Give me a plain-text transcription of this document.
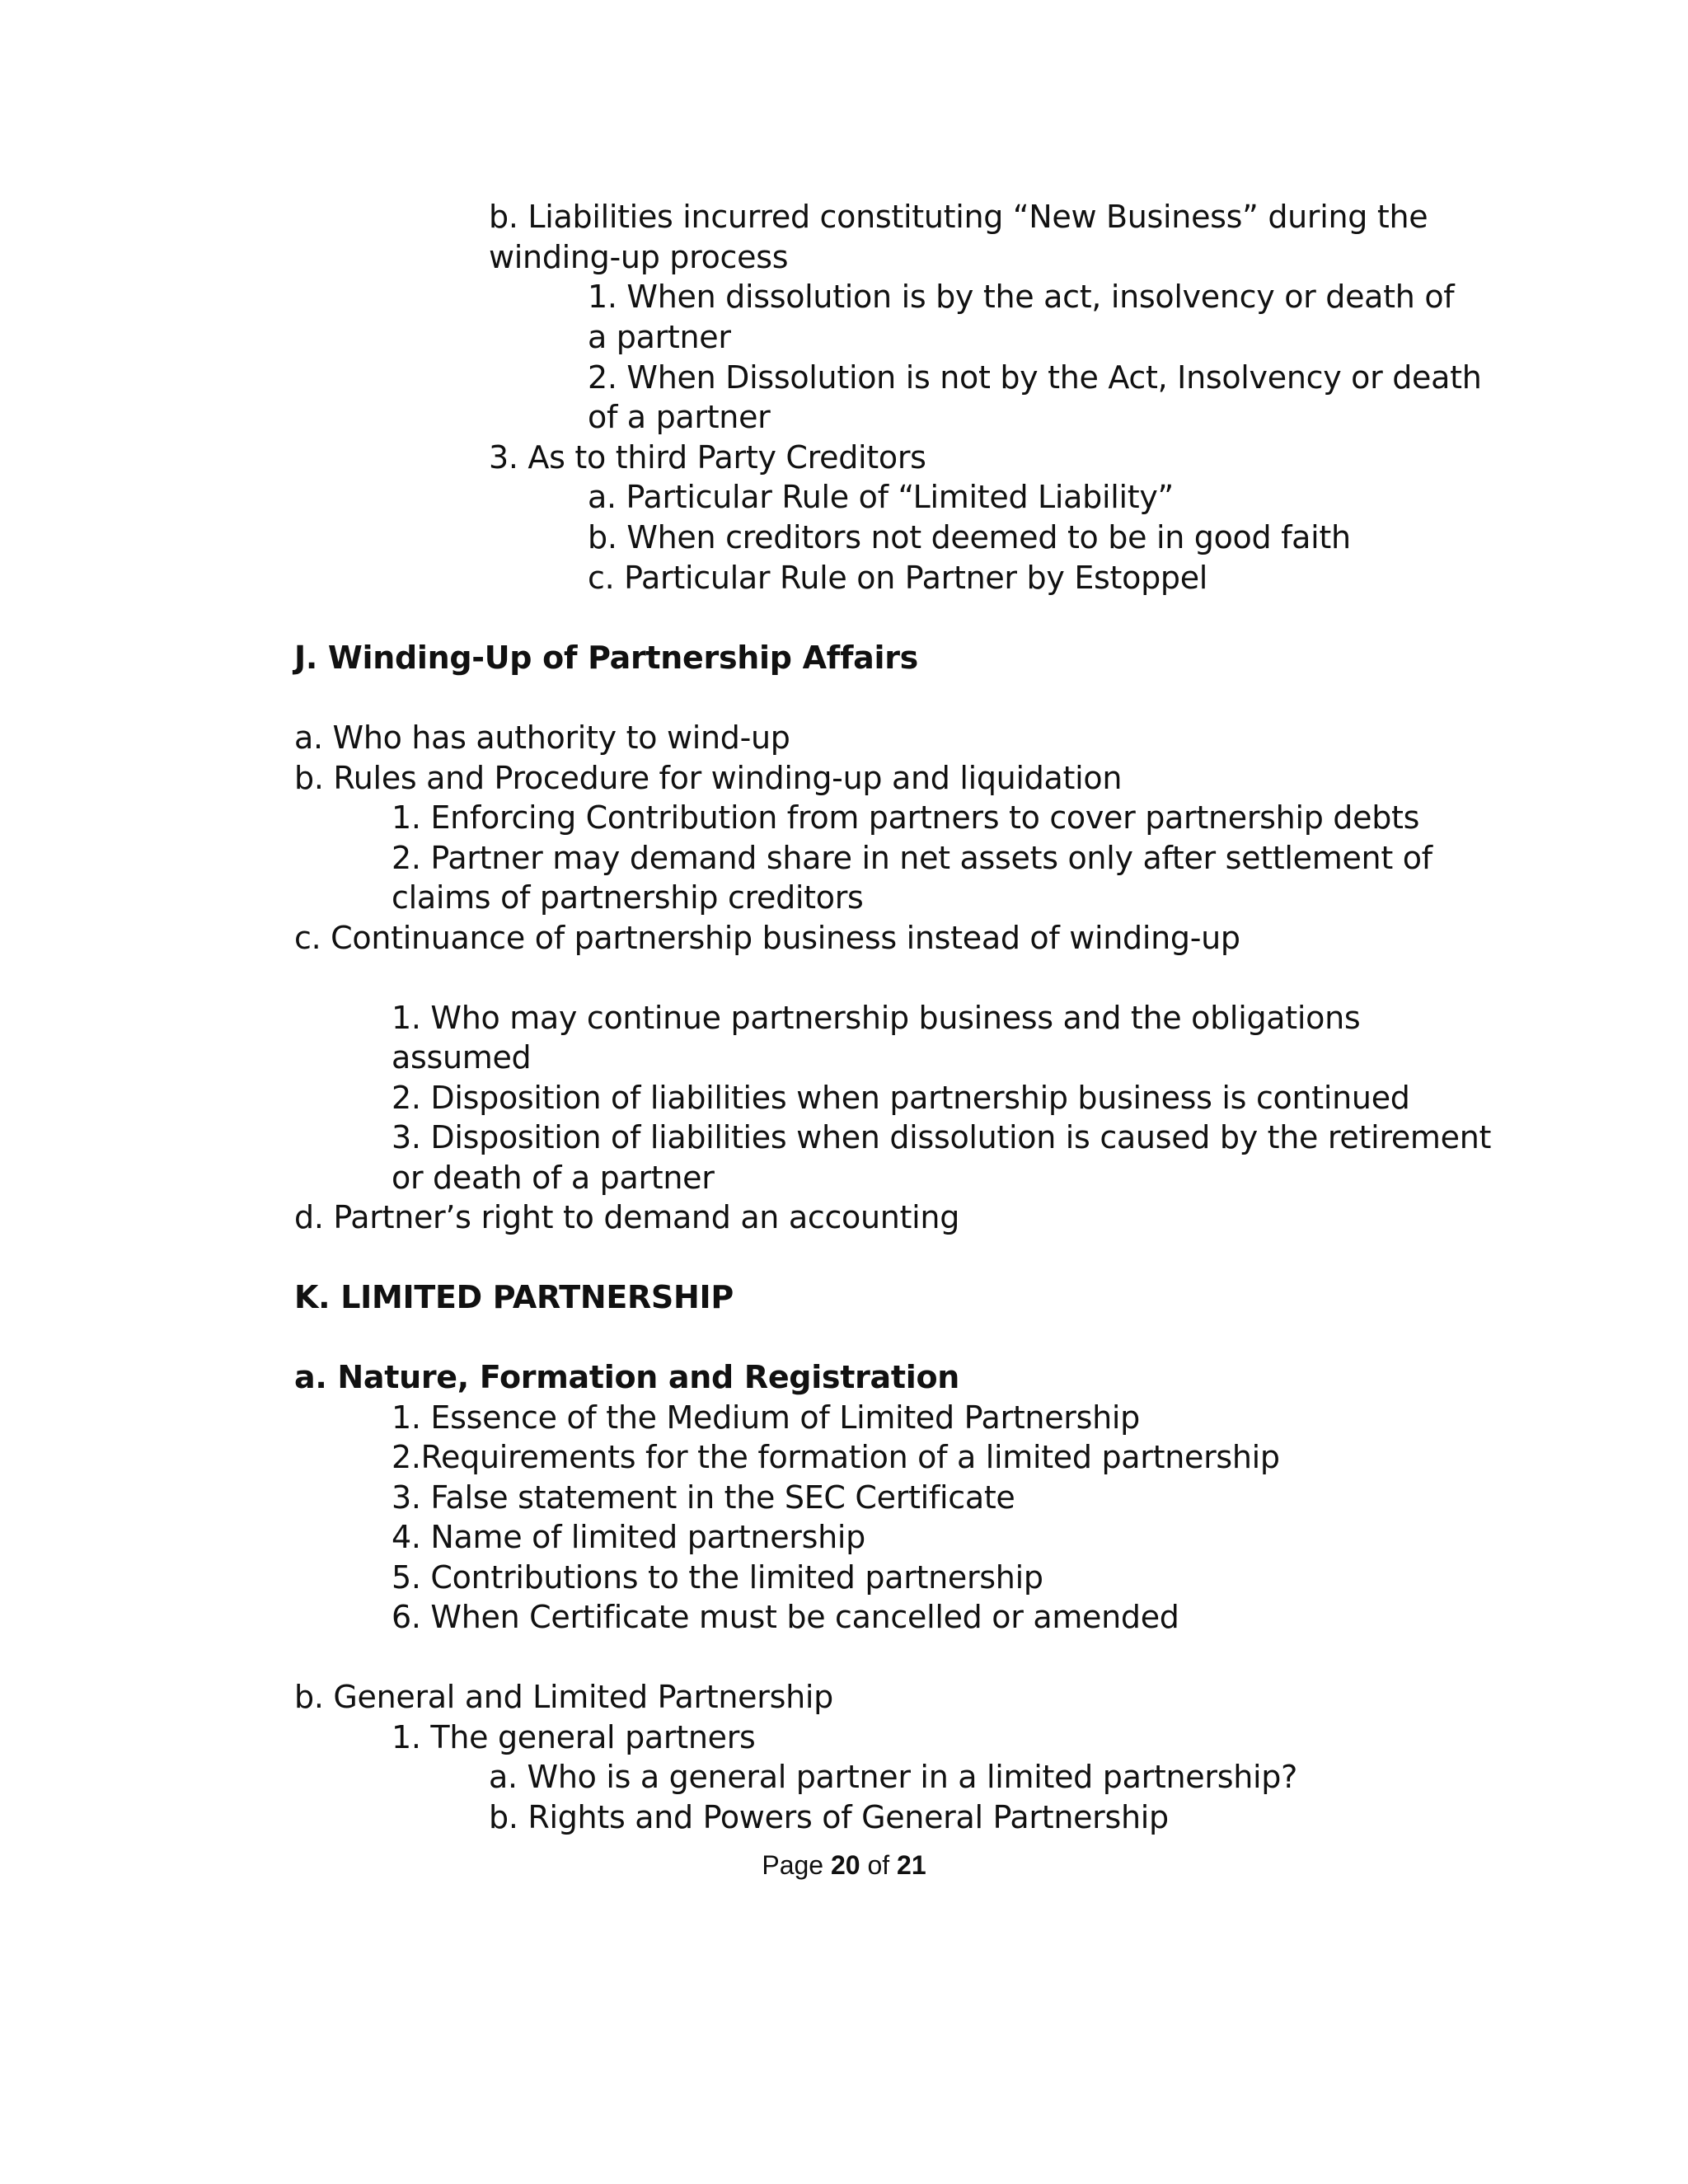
b. Liabilities incurred constituting “New Business” during the
winding-up process
1. When dissolution is by the act, insolvency or death of
a partner
2. When Dissolution is not by the Act, Insolvency or death
of a partner
3. As to third Party Creditors
a. Particular Rule of “Limited Liability”
b. When creditors not deemed to be in good faith
c. Particular Rule on Partner by Estoppel
J. Winding-Up of Partnership Affairs
a. Who has authority to wind-up
b. Rules and Procedure for winding-up and liquidation
1. Enforcing Contribution from partners to cover partnership debts
2. Partner may demand share in net assets only after settlement of
claims of partnership creditors
c. Continuance of partnership business instead of winding-up
1. Who may continue partnership business and the obligations
assumed
2. Disposition of liabilities when partnership business is continued
3. Disposition of liabilities when dissolution is caused by the retirement
or death of a partner
d. Partner’s right to demand an accounting
K. LIMITED PARTNERSHIP
a. Nature, Formation and Registration
1. Essence of the Medium of Limited Partnership
2.Requirements for the formation of a limited partnership
3. False statement in the SEC Certificate
4. Name of limited partnership
5. Contributions to the limited partnership
6. When Certificate must be cancelled or amended
b. General and Limited Partnership
1. The general partners
a. Who is a general partner in a limited partnership?
b. Rights and Powers of General Partnership
Page 20 of 21
